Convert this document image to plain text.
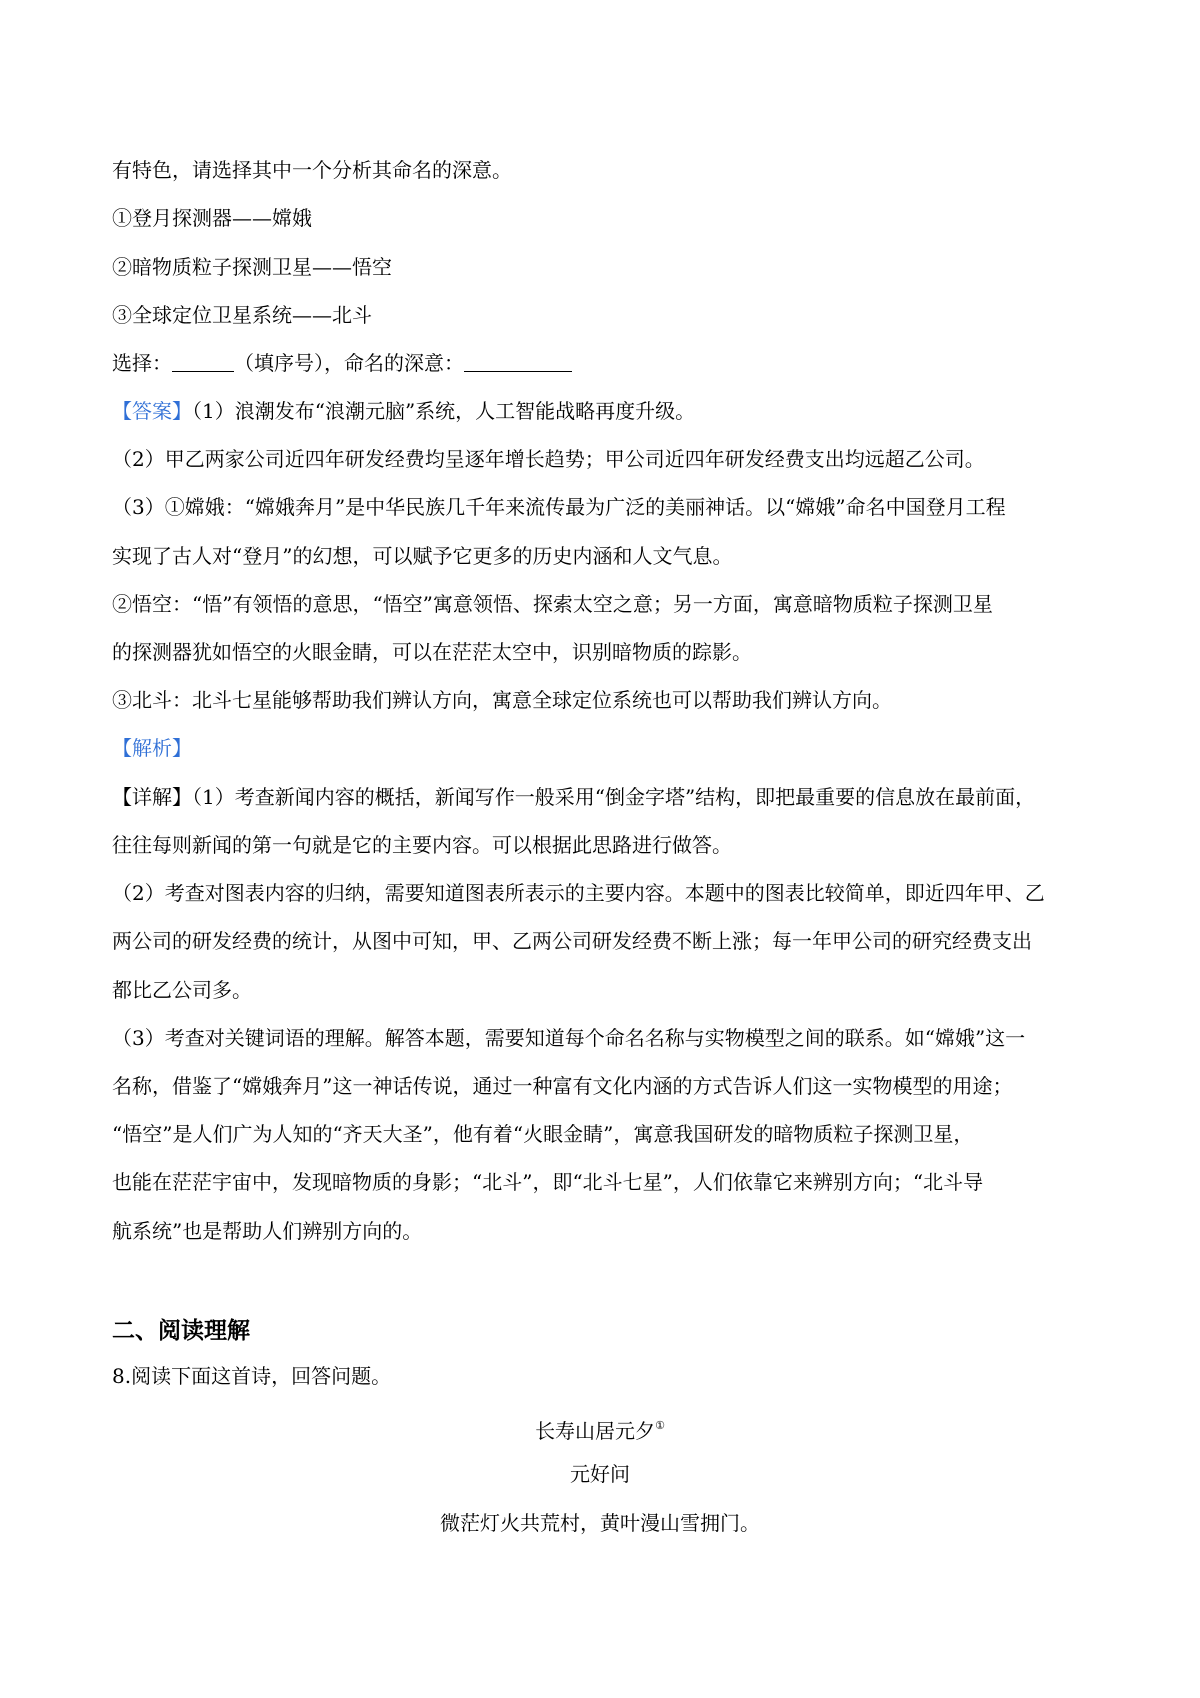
有特色，请选择其中一个分析其命名的深意。
①登月探测器——嫦娥
②暗物质粒子探测卫星——悟空
③全球定位卫星系统——北斗
选择：	（填序号），命名的深意：
【答案】（1）浪潮发布“浪潮元脑”系统，人工智能战略再度升级。
（2）甲乙两家公司近四年研发经费均呈逐年增长趋势；甲公司近四年研发经费支出均远超乙公司。
（3）①嫦娥：“嫦娥奔月”是中华民族几千年来流传最为广泛的美丽神话。以“嫦娥”命名中国登月工程
实现了古人对“登月”的幻想，可以赋予它更多的历史内涵和人文气息。
②悟空：“悟”有领悟的意思，“悟空”寓意领悟、探索太空之意；另一方面，寓意暗物质粒子探测卫星
的探测器犹如悟空的火眼金睛，可以在茫茫太空中，识别暗物质的踪影。
③北斗：北斗七星能够帮助我们辨认方向，寓意全球定位系统也可以帮助我们辨认方向。
【解析】
【详解】（1）考查新闻内容的概括，新闻写作一般采用“倒金字塔”结构，即把最重要的信息放在最前面，
往往每则新闻的第一句就是它的主要内容。可以根据此思路进行做答。
（2）考查对图表内容的归纳，需要知道图表所表示的主要内容。本题中的图表比较简单，即近四年甲、乙
两公司的研发经费的统计，从图中可知，甲、乙两公司研发经费不断上涨；每一年甲公司的研究经费支出
都比乙公司多。
（3）考查对关键词语的理解。解答本题，需要知道每个命名名称与实物模型之间的联系。如“嫦娥”这一
名称，借鉴了“嫦娥奔月”这一神话传说，通过一种富有文化内涵的方式告诉人们这一实物模型的用途；
“悟空”是人们广为人知的“齐天大圣”，他有着“火眼金睛”，寓意我国研发的暗物质粒子探测卫星，
也能在茫茫宇宙中，发现暗物质的身影；“北斗”，即“北斗七星”，人们依靠它来辨别方向；“北斗导
航系统”也是帮助人们辨别方向的。
二、阅读理解
8.阅读下面这首诗，回答问题。
长寿山居元夕①
元好问
微茫灯火共荒村，黄叶漫山雪拥门。
